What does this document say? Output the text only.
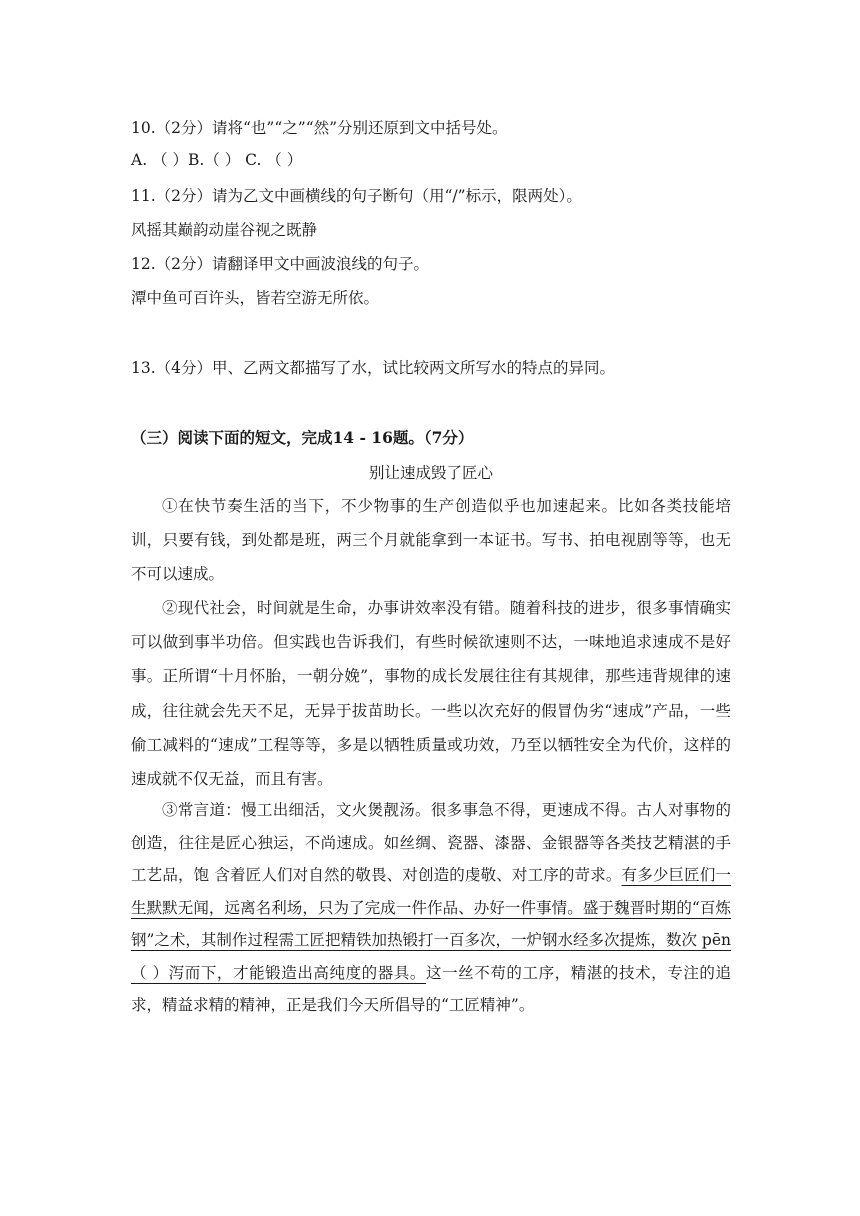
10.（2分）请将“也”“之”“然”分别还原到文中括号处。
A. （ ）B.（ ） C. （ ）
11.（2分）请为乙文中画横线的句子断句（用“/”标示，限两处）。
风摇其巅韵动崖谷视之既静
12.（2分）请翻译甲文中画波浪线的句子。
潭中鱼可百许头，皆若空游无所依。
13.（4分）甲、乙两文都描写了水，试比较两文所写水的特点的异同。
（三）阅读下面的短文，完成14 - 16题。（7分）
别让速成毁了匠心

①在快节奏生活的当下，不少物事的生产创造似乎也加速起来。比如各类技能培训，只要有钱，到处都是班，两三个月就能拿到一本证书。写书、拍电视剧等等，也无不可以速成。

②现代社会，时间就是生命，办事讲效率没有错。随着科技的进步，很多事情确实可以做到事半功倍。但实践也告诉我们，有些时候欲速则不达，一味地追求速成不是好事。正所谓“十月怀胎，一朝分娩”，事物的成长发展往往有其规律，那些违背规律的速成，往往就会先天不足，无异于拔苗助长。一些以次充好的假冒伪劣“速成”产品，一些偷工减料的“速成”工程等等，多是以牺牲质量或功效，乃至以牺牲安全为代价，这样的速成就不仅无益，而且有害。

③常言道：慢工出细活，文火煲靓汤。很多事急不得，更速成不得。古人对事物的创造，往往是匠心独运，不尚速成。如丝绸、瓷器、漆器、金银器等各类技艺精湛的手工艺品，饱 含着匠人们对自然的敬畏、对创造的虔敬、对工序的苛求。有多少巨匠们一生默默无闻，远离名利场，只为了完成一件作品、办好一件事情。盛于魏晋时期的“百炼钢”之术，其制作过程需工匠把精铁加热锻打一百多次，一炉钢水经多次提炼，数次 pēn（ ）泻而下，才能锻造出高纯度的器具。这一丝不苟的工序，精湛的技术，专注的追求，精益求精的精神，正是我们今天所倡导的“工匠精神”。
